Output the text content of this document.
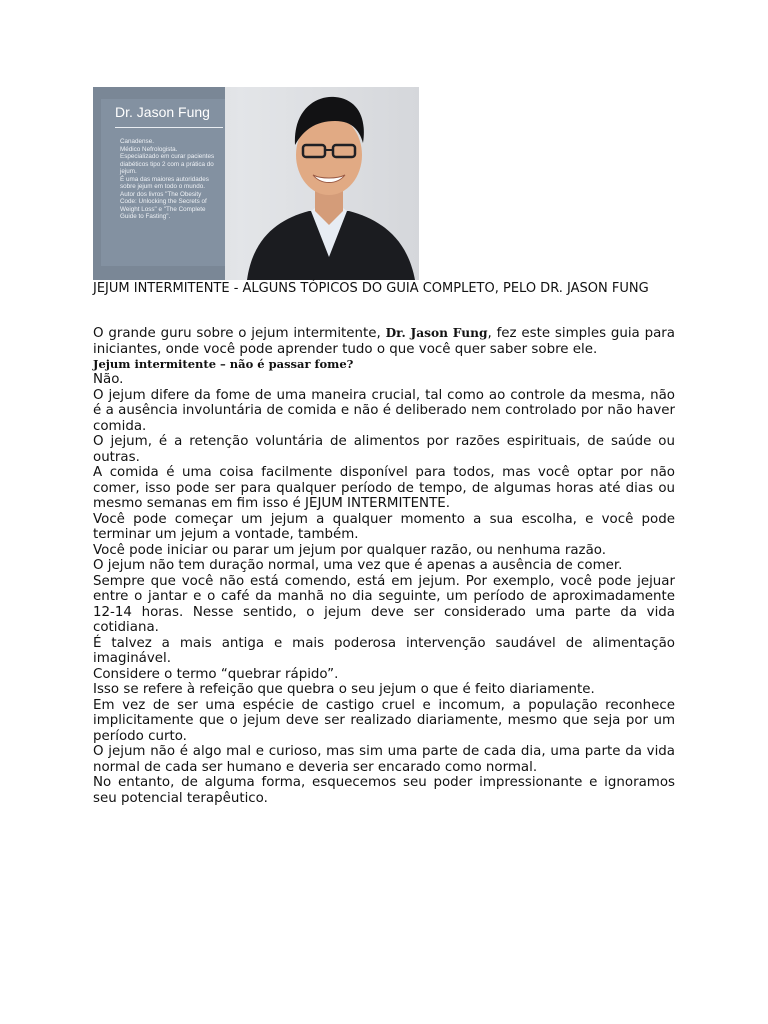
Dr. Jason Fung
Canadense.
Médico Nefrologista.
Especializado em curar pacientes
diabéticos tipo 2 com a prática do
jejum.
É uma das maiores autoridades
sobre jejum em todo o mundo.
Autor dos livros "The Obesity
Code: Unlocking the Secrets of
Weight Loss" e "The Complete
Guide to Fasting".

JEJUM INTERMITENTE - ALGUNS TÓPICOS DO GUIA COMPLETO, PELO DR. JASON FUNG

O grande guru sobre o jejum intermitente, Dr. Jason Fung, fez este simples guia para iniciantes, onde você pode aprender tudo o que você quer saber sobre ele.

Jejum intermitente – não é passar fome?

Não.

O jejum difere da fome de uma maneira crucial, tal como ao controle da mesma, não é a ausência involuntária de comida e não é deliberado nem controlado por não haver comida.

O jejum, é a retenção voluntária de alimentos por razões espirituais, de saúde ou outras.

A comida é uma coisa facilmente disponível para todos, mas você optar por não comer, isso pode ser para qualquer período de tempo, de algumas horas até dias ou mesmo semanas em fim isso é JEJUM INTERMITENTE.

Você pode começar um jejum a qualquer momento a sua escolha, e você pode terminar um jejum a vontade, também.

Você pode iniciar ou parar um jejum por qualquer razão, ou nenhuma razão.

O jejum não tem duração normal, uma vez que é apenas a ausência de comer.

Sempre que você não está comendo, está em jejum. Por exemplo, você pode jejuar entre o jantar e o café da manhã no dia seguinte, um período de aproximadamente 12-14 horas. Nesse sentido, o jejum deve ser considerado uma parte da vida cotidiana.

É talvez a mais antiga e mais poderosa intervenção saudável de alimentação imaginável.

Considere o termo “quebrar rápido”.

Isso se refere à refeição que quebra o seu jejum o que é feito diariamente.

Em vez de ser uma espécie de castigo cruel e incomum, a população reconhece implicitamente que o jejum deve ser realizado diariamente, mesmo que seja por um período curto.

O jejum não é algo mal e curioso, mas sim uma parte de cada dia, uma parte da vida normal de cada ser humano e deveria ser encarado como normal.

No entanto, de alguma forma, esquecemos seu poder impressionante e ignoramos seu potencial terapêutico.
